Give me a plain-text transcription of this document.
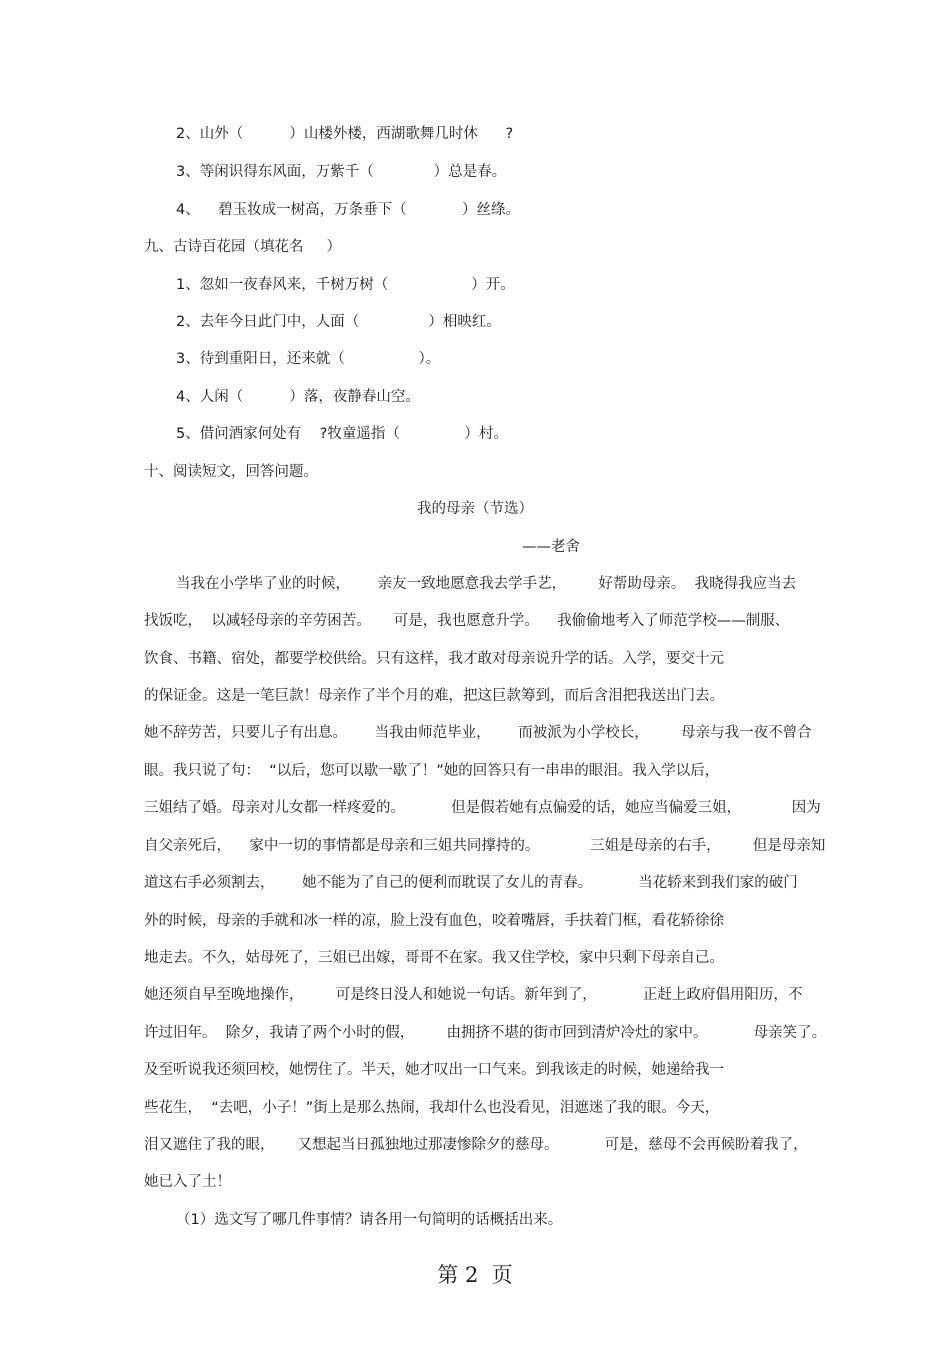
2、山外（          ）山楼外楼，西湖歌舞几时休      ?

3、等闲识得东风面，万紫千（             ）总是春。

4、    碧玉妆成一树高，万条垂下（            ）丝绦。

九、古诗百花园（填花名     ）

1、忽如一夜春风来，千树万树（                  ）开。

2、去年今日此门中，人面（               ）相映红。

3、待到重阳日，还来就（                ）。

4、人闲（          ）落，夜静春山空。

5、借问酒家何处有    ?牧童遥指（              ）村。

十、阅读短文，回答问题。

我的母亲（节选）

——老舍

当我在小学毕了业的时候，      亲友一致地愿意我去学手艺，       好帮助母亲。  我晓得我应当去

找饭吃，  以减轻母亲的辛劳困苦。     可是，我也愿意升学。    我偷偷地考入了师范学校——制服、

饮食、书籍、宿处，都要学校供给。只有这样，我才敢对母亲说升学的话。入学，要交十元

的保证金。这是一笔巨款！母亲作了半个月的难，把这巨款筹到，而后含泪把我送出门去。

她不辞劳苦，只要儿子有出息。      当我由师范毕业，      而被派为小学校长，       母亲与我一夜不曾合

眼。我只说了句：  “以后，您可以歇一歇了！”她的回答只有一串串的眼泪。我入学以后，

三姐结了婚。母亲对儿女都一样疼爱的。          但是假若她有点偏爱的话，她应当偏爱三姐，           因为

自父亲死后，    家中一切的事情都是母亲和三姐共同撑持的。           三姐是母亲的右手，       但是母亲知

道这右手必须割去，      她不能为了自己的便利而耽误了女儿的青春。          当花轿来到我们家的破门

外的时候，母亲的手就和冰一样的凉，脸上没有血色，咬着嘴唇，手扶着门框，看花轿徐徐

地走去。不久，姑母死了，三姐已出嫁，哥哥不在家。我又住学校，家中只剩下母亲自己。

她还须自早至晚地操作，       可是终日没人和她说一句话。新年到了，          正赶上政府倡用阳历，不

许过旧年。  除夕，我请了两个小时的假，       由拥挤不堪的街市回到清炉冷灶的家中。          母亲笑了。

及至听说我还须回校，她愣住了。半天，她才叹出一口气来。到我该走的时候，她递给我一

些花生，  “去吧，小子！”街上是那么热闹，我却什么也没看见，泪遮迷了我的眼。今天，

泪又遮住了我的眼，     又想起当日孤独地过那凄惨除夕的慈母。          可是，慈母不会再候盼着我了，

她已入了土！

（1）选文写了哪几件事情？请各用一句简明的话概括出来。

第 2  页
